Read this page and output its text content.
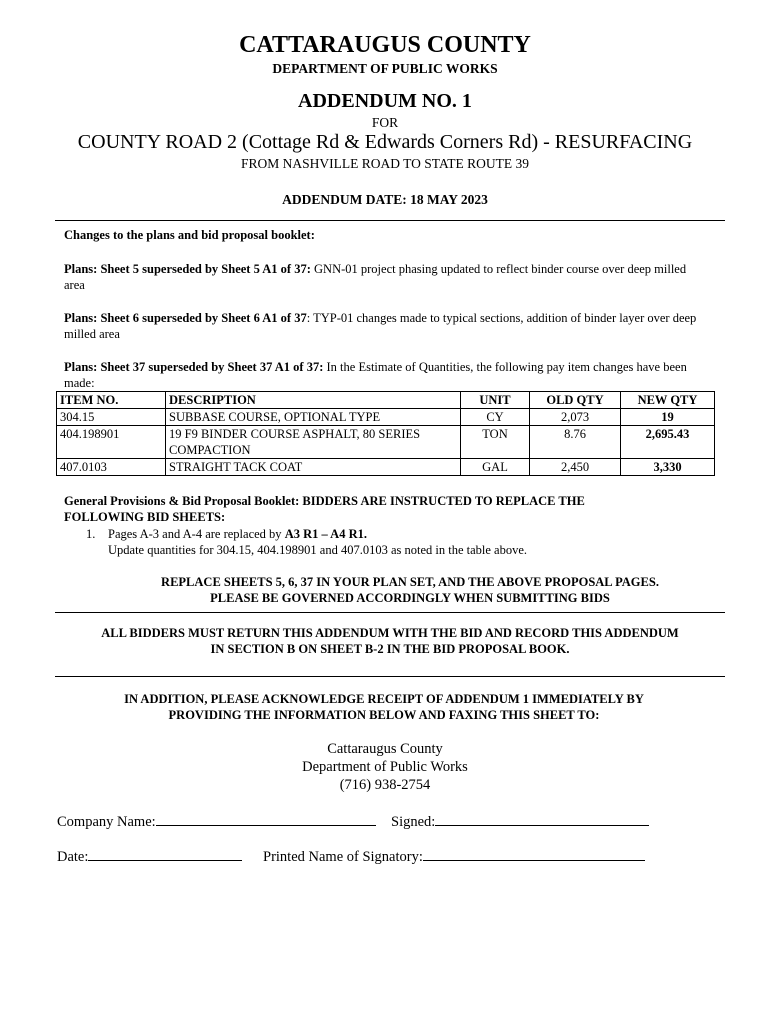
CATTARAUGUS COUNTY
DEPARTMENT OF PUBLIC WORKS
ADDENDUM NO. 1
FOR
COUNTY ROAD 2 (Cottage Rd & Edwards Corners Rd) - RESURFACING
FROM NASHVILLE ROAD TO STATE ROUTE 39
ADDENDUM DATE: 18 MAY 2023
Changes to the plans and bid proposal booklet:
Plans: Sheet 5 superseded by Sheet 5 A1 of 37: GNN-01 project phasing updated to reflect binder course over deep milled area
Plans: Sheet 6 superseded by Sheet 6 A1 of 37: TYP-01 changes made to typical sections, addition of binder layer over deep milled area
Plans: Sheet 37 superseded by Sheet 37 A1 of 37: In the Estimate of Quantities, the following pay item changes have been made:
ITEM NO.	DESCRIPTION	UNIT	OLD QTY	NEW QTY
304.15	SUBBASE COURSE, OPTIONAL TYPE	CY	2,073	19
404.198901	19 F9 BINDER COURSE ASPHALT, 80 SERIES COMPACTION	TON	8.76	2,695.43
407.0103	STRAIGHT TACK COAT	GAL	2,450	3,330
General Provisions & Bid Proposal Booklet: BIDDERS ARE INSTRUCTED TO REPLACE THE FOLLOWING BID SHEETS:
1. Pages A-3 and A-4 are replaced by A3 R1 – A4 R1.
Update quantities for 304.15, 404.198901 and 407.0103 as noted in the table above.
REPLACE SHEETS 5, 6, 37 IN YOUR PLAN SET, AND THE ABOVE PROPOSAL PAGES.
PLEASE BE GOVERNED ACCORDINGLY WHEN SUBMITTING BIDS
ALL BIDDERS MUST RETURN THIS ADDENDUM WITH THE BID AND RECORD THIS ADDENDUM
IN SECTION B ON SHEET B-2 IN THE BID PROPOSAL BOOK.
IN ADDITION, PLEASE ACKNOWLEDGE RECEIPT OF ADDENDUM 1 IMMEDIATELY BY
PROVIDING THE INFORMATION BELOW AND FAXING THIS SHEET TO:
Cattaraugus County
Department of Public Works
(716) 938-2754
Company Name:	Signed:
Date:	Printed Name of Signatory:
